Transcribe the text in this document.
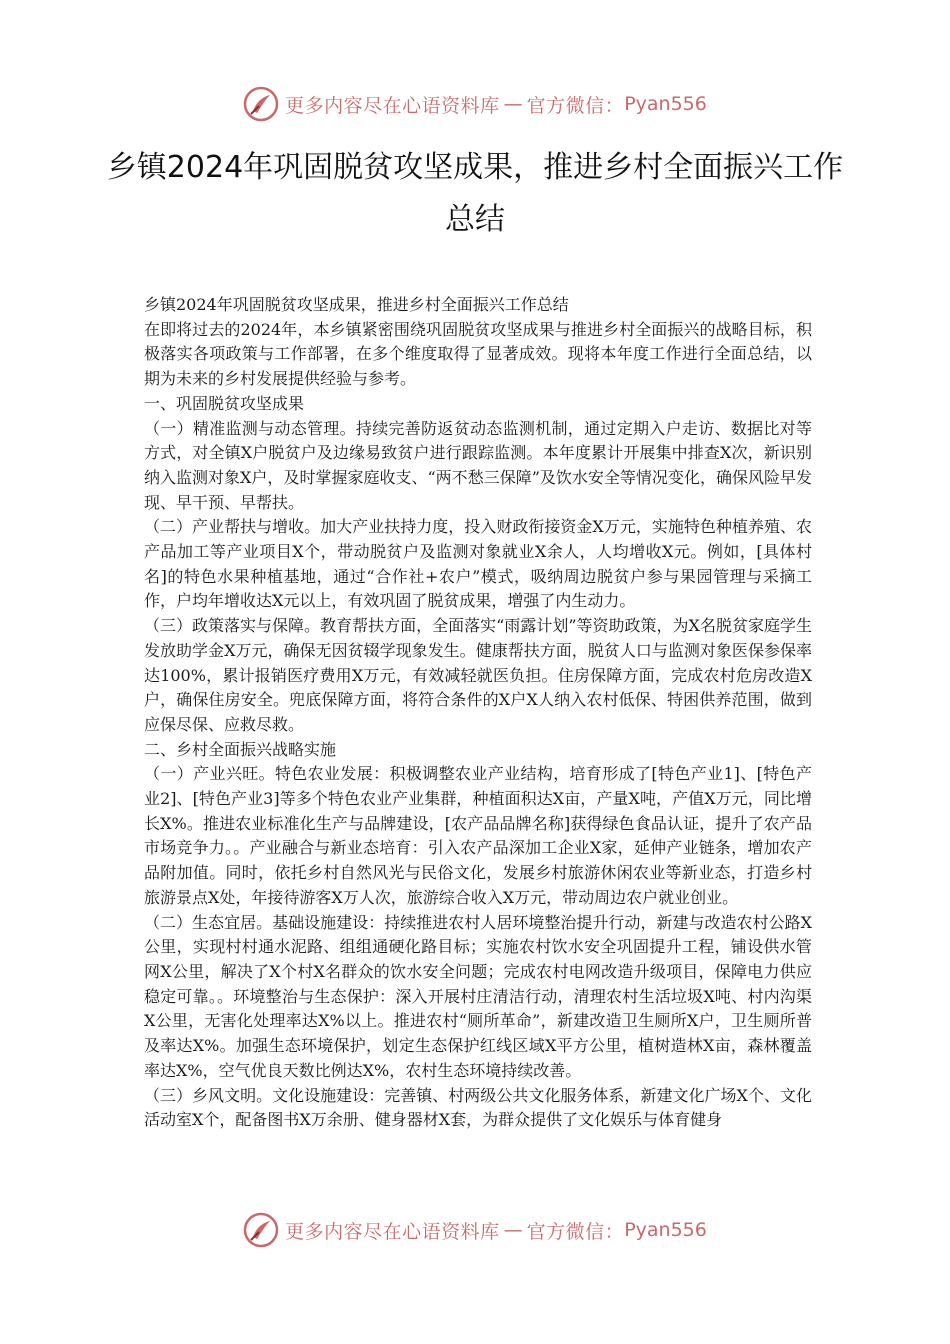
更多内容尽在心语资料库 — 官方微信： Pyan556
乡镇2024年巩固脱贫攻坚成果，推进乡村全面振兴工作总结

乡镇2024年巩固脱贫攻坚成果，推进乡村全面振兴工作总结

在即将过去的2024年，本乡镇紧密围绕巩固脱贫攻坚成果与推进乡村全面振兴的战略目标，积极落实各项政策与工作部署，在多个维度取得了显著成效。现将本年度工作进行全面总结，以期为未来的乡村发展提供经验与参考。

一、巩固脱贫攻坚成果

（一）精准监测与动态管理。持续完善防返贫动态监测机制，通过定期入户走访、数据比对等方式，对全镇X户脱贫户及边缘易致贫户进行跟踪监测。本年度累计开展集中排查X次，新识别纳入监测对象X户，及时掌握家庭收支、“两不愁三保障”及饮水安全等情况变化，确保风险早发现、早干预、早帮扶。

（二）产业帮扶与增收。加大产业扶持力度，投入财政衔接资金X万元，实施特色种植养殖、农产品加工等产业项目X个，带动脱贫户及监测对象就业X余人，人均增收X元。例如，[具体村名]的特色水果种植基地，通过“合作社+农户”模式，吸纳周边脱贫户参与果园管理与采摘工作，户均年增收达X元以上，有效巩固了脱贫成果，增强了内生动力。

（三）政策落实与保障。教育帮扶方面，全面落实“雨露计划”等资助政策，为X名脱贫家庭学生发放助学金X万元，确保无因贫辍学现象发生。健康帮扶方面，脱贫人口与监测对象医保参保率达100%，累计报销医疗费用X万元，有效减轻就医负担。住房保障方面，完成农村危房改造X户，确保住房安全。兜底保障方面，将符合条件的X户X人纳入农村低保、特困供养范围，做到应保尽保、应救尽救。

二、乡村全面振兴战略实施

（一）产业兴旺。特色农业发展：积极调整农业产业结构，培育形成了[特色产业1]、[特色产业2]、[特色产业3]等多个特色农业产业集群，种植面积达X亩，产量X吨，产值X万元，同比增长X%。推进农业标准化生产与品牌建设，[农产品品牌名称]获得绿色食品认证，提升了农产品市场竞争力。。产业融合与新业态培育：引入农产品深加工企业X家，延伸产业链条，增加农产品附加值。同时，依托乡村自然风光与民俗文化，发展乡村旅游休闲农业等新业态，打造乡村旅游景点X处，年接待游客X万人次，旅游综合收入X万元，带动周边农户就业创业。

（二）生态宜居。基础设施建设：持续推进农村人居环境整治提升行动，新建与改造农村公路X公里，实现村村通水泥路、组组通硬化路目标；实施农村饮水安全巩固提升工程，铺设供水管网X公里，解决了X个村X名群众的饮水安全问题；完成农村电网改造升级项目，保障电力供应稳定可靠。。环境整治与生态保护：深入开展村庄清洁行动，清理农村生活垃圾X吨、村内沟渠X公里，无害化处理率达X%以上。推进农村“厕所革命”，新建改造卫生厕所X户，卫生厕所普及率达X%。加强生态环境保护，划定生态保护红线区域X平方公里，植树造林X亩，森林覆盖率达X%，空气优良天数比例达X%，农村生态环境持续改善。

（三）乡风文明。文化设施建设：完善镇、村两级公共文化服务体系，新建文化广场X个、文化活动室X个，配备图书X万余册、健身器材X套，为群众提供了文化娱乐与体育健身

更多内容尽在心语资料库 — 官方微信： Pyan556
